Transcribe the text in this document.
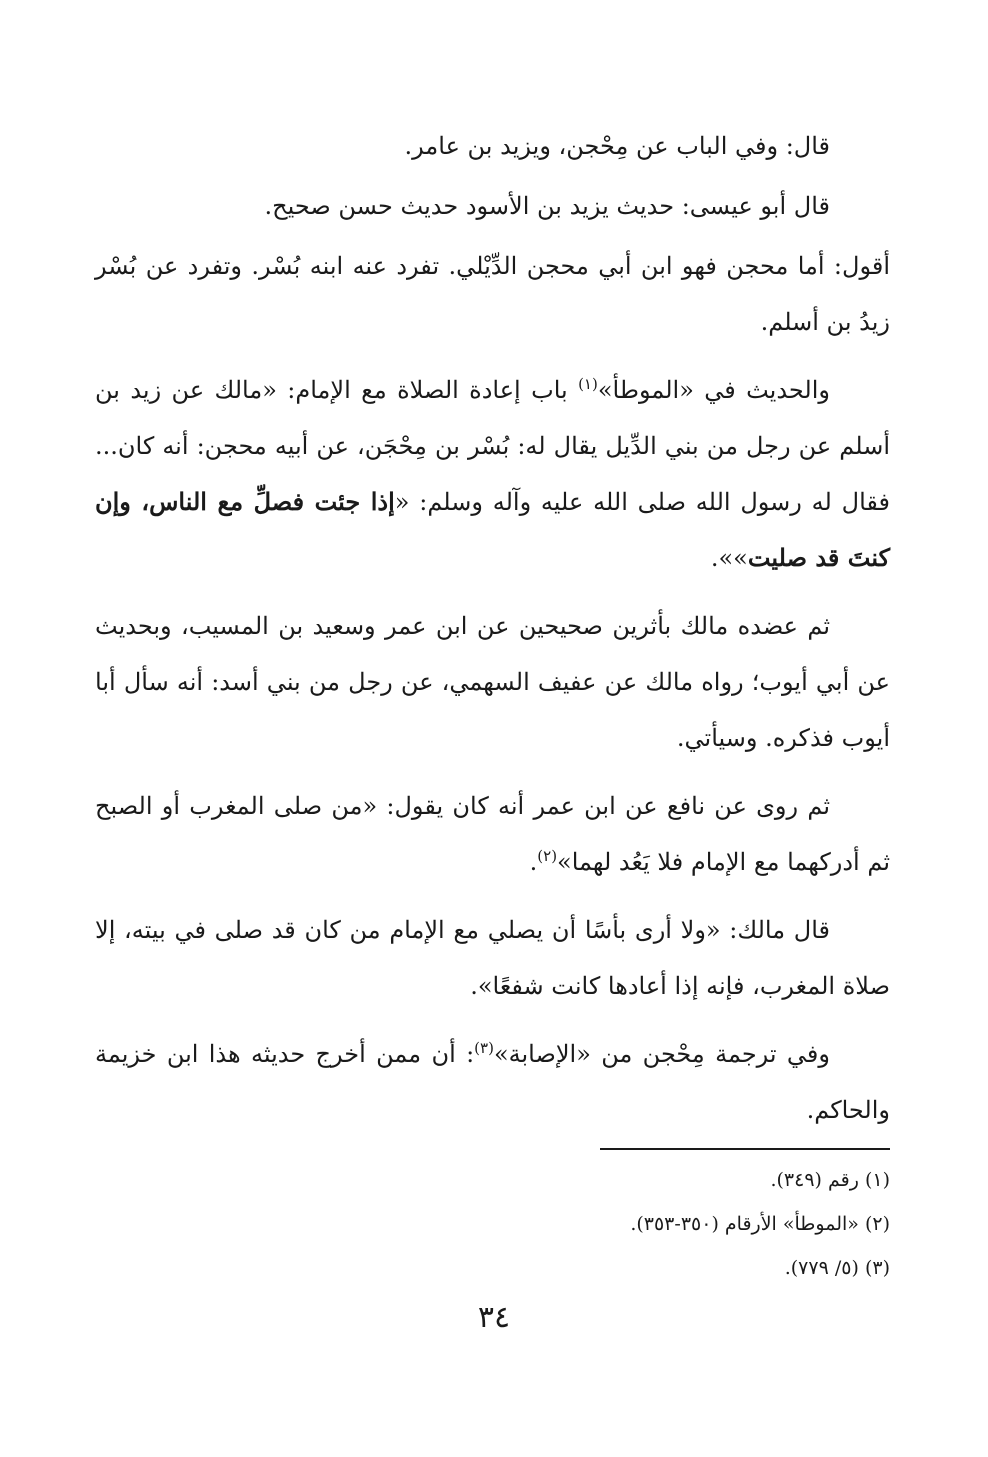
قال: وفي الباب عن مِحْجن، ويزيد بن عامر.

قال أبو عيسى: حديث يزيد بن الأسود حديث حسن صحيح.

أقول: أما محجن فهو ابن أبي محجن الدِّيْلي. تفرد عنه ابنه بُسْر. وتفرد عن بُسْر زيدُ بن أسلم.

والحديث في «الموطأ»$^{(١)}$ باب إعادة الصلاة مع الإمام: «مالك عن زيد بن أسلم عن رجل من بني الدِّيل يقال له: بُسْر بن مِحْجَن، عن أبيه محجن: أنه كان... فقال له رسول الله صلى الله عليه وآله وسلم: «إذا جئت فصلِّ مع الناس، وإن كنتَ قد صليت»».

ثم عضده مالك بأثرين صحيحين عن ابن عمر وسعيد بن المسيب، وبحديث عن أبي أيوب؛ رواه مالك عن عفيف السهمي، عن رجل من بني أسد: أنه سأل أبا أيوب فذكره. وسيأتي.

ثم روى عن نافع عن ابن عمر أنه كان يقول: «من صلى المغرب أو الصبح ثم أدركهما مع الإمام فلا يَعُد لهما»$^{(٢)}$.

قال مالك: «ولا أرى بأسًا أن يصلي مع الإمام من كان قد صلى في بيته، إلا صلاة المغرب، فإنه إذا أعادها كانت شفعًا».

وفي ترجمة مِحْجن من «الإصابة»$^{(٣)}$: أن ممن أخرج حديثه هذا ابن خزيمة والحاكم.

(١) رقم (٣٤٩).

(٢) «الموطأ» الأرقام (٣٥٠-٣٥٣).

(٣) (٥/ ٧٧٩).

٣٤
